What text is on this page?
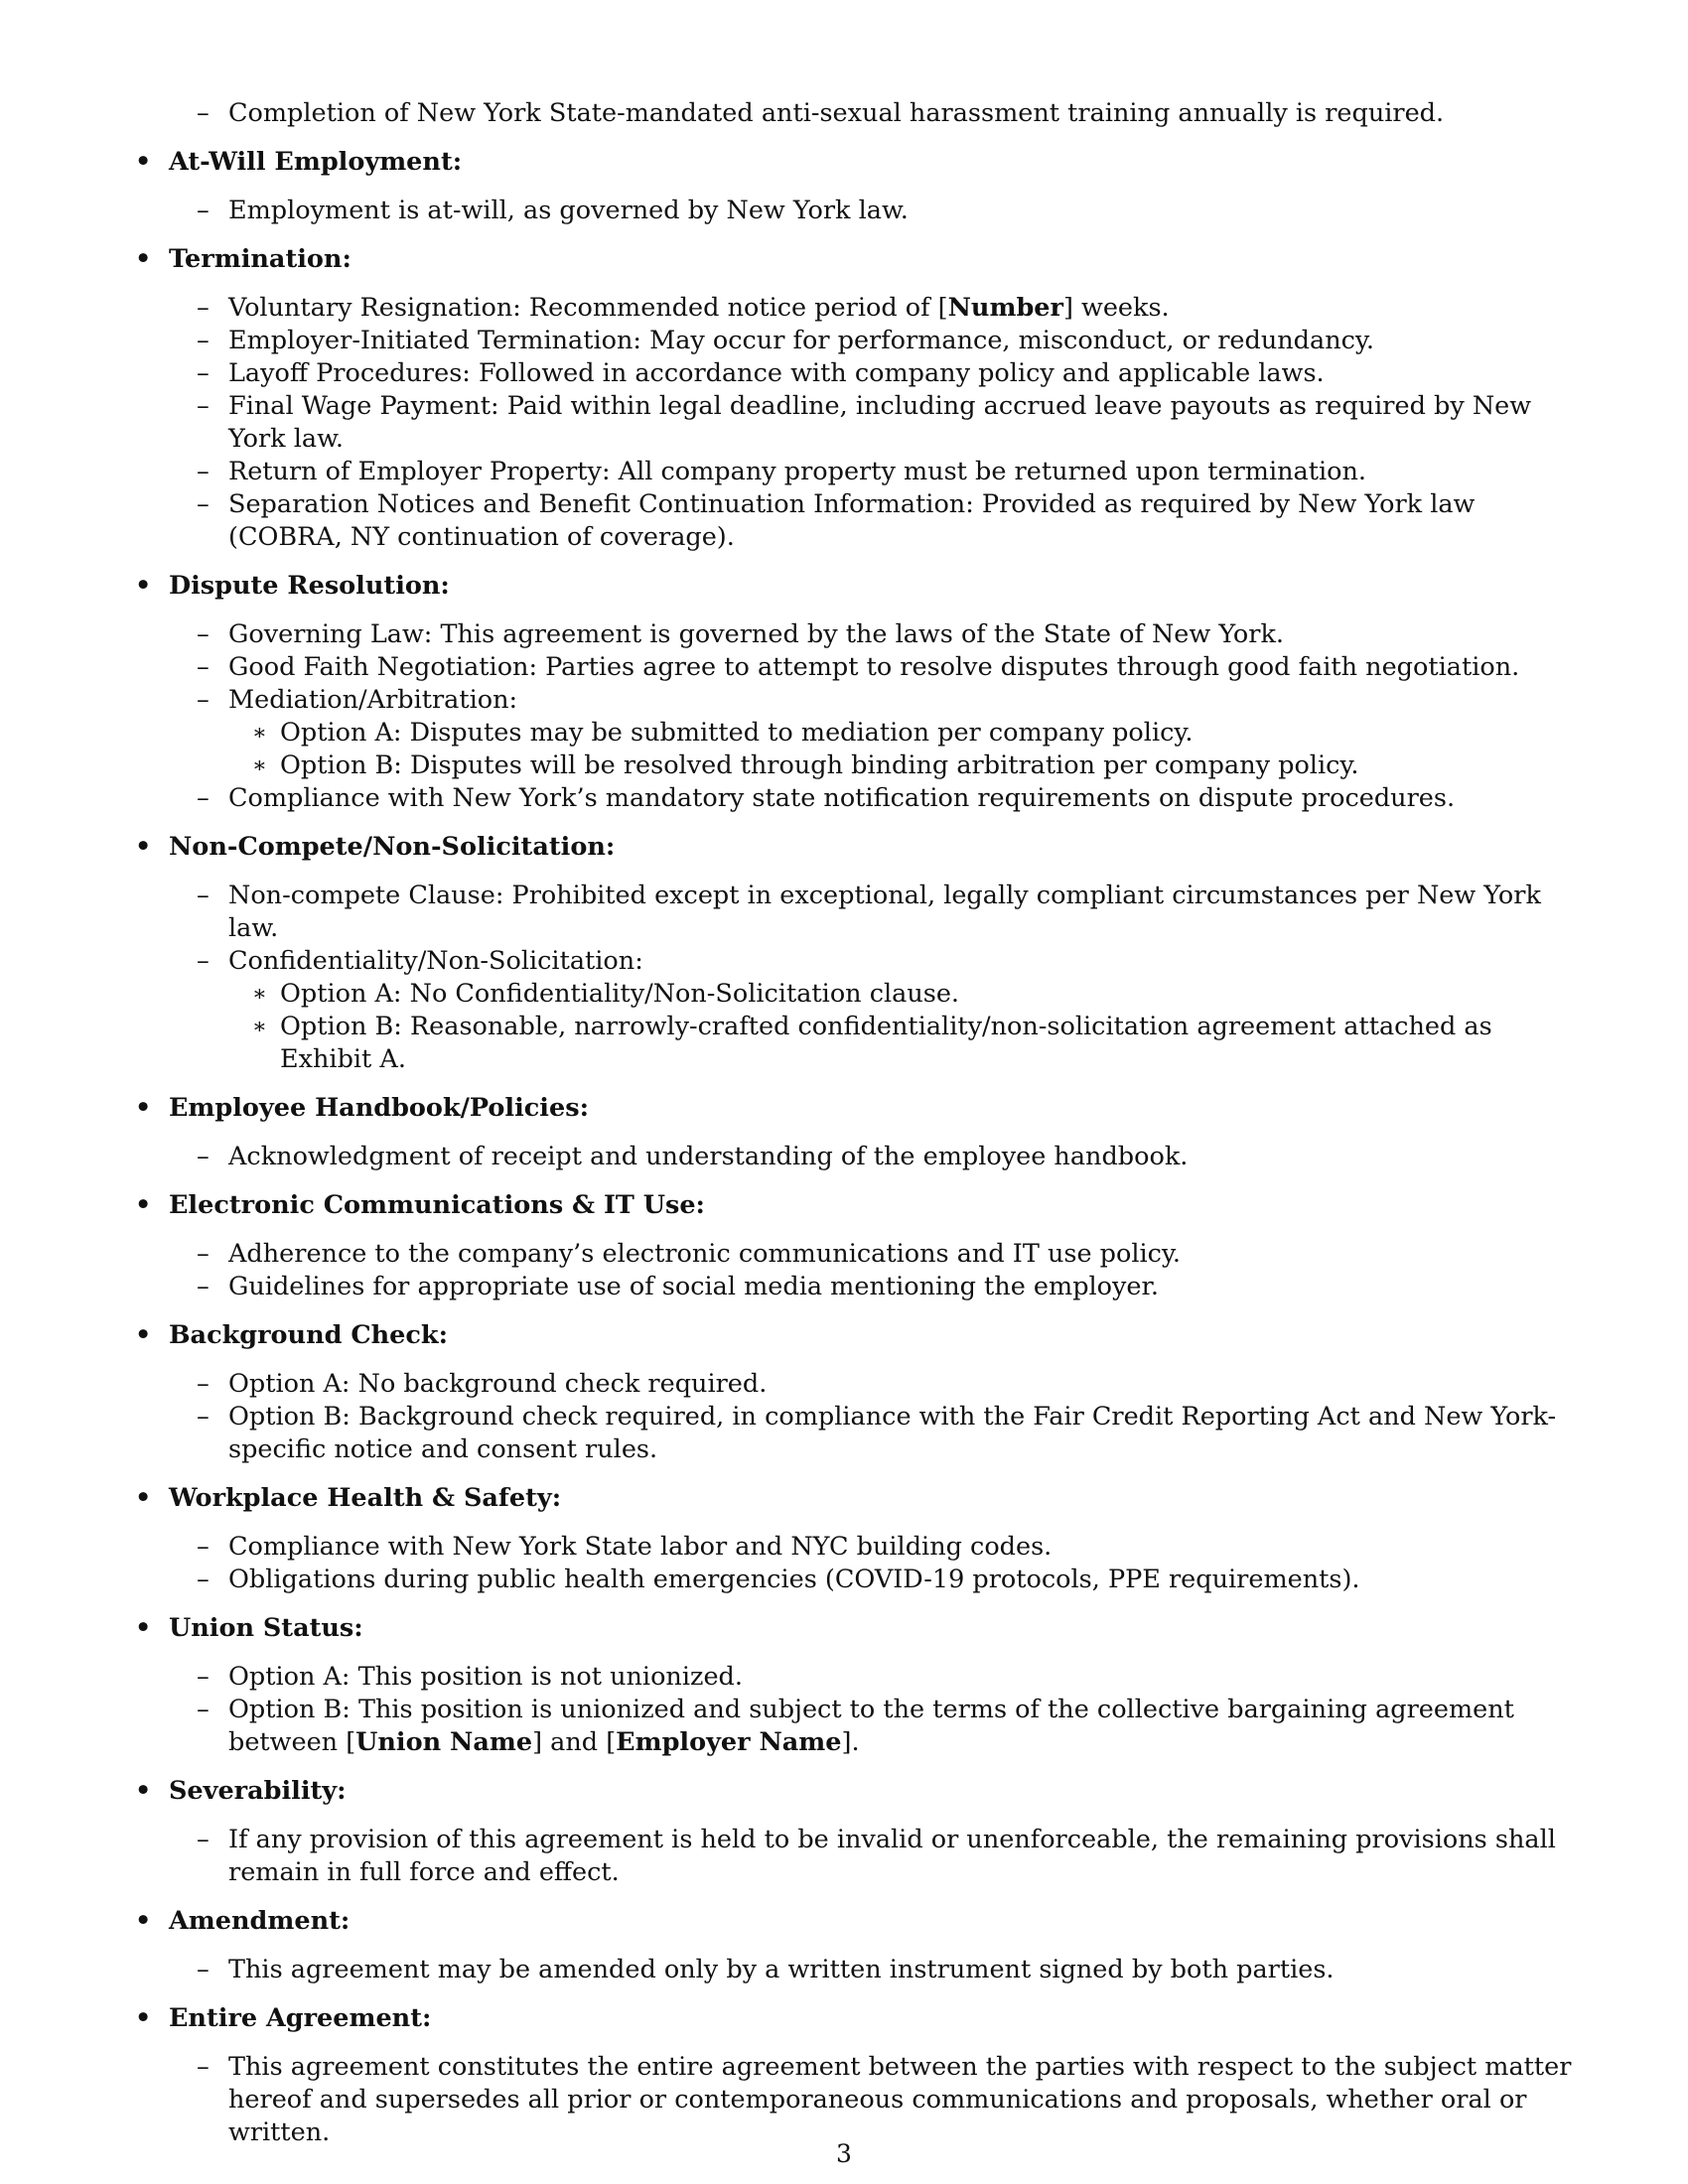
– Completion of New York State-mandated anti-sexual harassment training annually is required.

• At-Will Employment:

– Employment is at-will, as governed by New York law.

• Termination:

– Voluntary Resignation: Recommended notice period of [Number] weeks.

– Employer-Initiated Termination: May occur for performance, misconduct, or redundancy.

– Layoff Procedures: Followed in accordance with company policy and applicable laws.

– Final Wage Payment: Paid within legal deadline, including accrued leave payouts as required by New York law.

– Return of Employer Property: All company property must be returned upon termination.

– Separation Notices and Benefit Continuation Information: Provided as required by New York law (COBRA, NY continuation of coverage).

• Dispute Resolution:

– Governing Law: This agreement is governed by the laws of the State of New York.

– Good Faith Negotiation: Parties agree to attempt to resolve disputes through good faith negotiation.

– Mediation/Arbitration:

∗ Option A: Disputes may be submitted to mediation per company policy.

∗ Option B: Disputes will be resolved through binding arbitration per company policy.

– Compliance with New York’s mandatory state notification requirements on dispute procedures.

• Non-Compete/Non-Solicitation:

– Non-compete Clause: Prohibited except in exceptional, legally compliant circumstances per New York law.

– Confidentiality/Non-Solicitation:

∗ Option A: No Confidentiality/Non-Solicitation clause.

∗ Option B: Reasonable, narrowly-crafted confidentiality/non-solicitation agreement attached as Exhibit A.

• Employee Handbook/Policies:

– Acknowledgment of receipt and understanding of the employee handbook.

• Electronic Communications & IT Use:

– Adherence to the company’s electronic communications and IT use policy.

– Guidelines for appropriate use of social media mentioning the employer.

• Background Check:

– Option A: No background check required.

– Option B: Background check required, in compliance with the Fair Credit Reporting Act and New York-specific notice and consent rules.

• Workplace Health & Safety:

– Compliance with New York State labor and NYC building codes.

– Obligations during public health emergencies (COVID-19 protocols, PPE requirements).

• Union Status:

– Option A: This position is not unionized.

– Option B: This position is unionized and subject to the terms of the collective bargaining agreement between [Union Name] and [Employer Name].

• Severability:

– If any provision of this agreement is held to be invalid or unenforceable, the remaining provisions shall remain in full force and effect.

• Amendment:

– This agreement may be amended only by a written instrument signed by both parties.

• Entire Agreement:

– This agreement constitutes the entire agreement between the parties with respect to the subject matter hereof and supersedes all prior or contemporaneous communications and proposals, whether oral or written.

3
